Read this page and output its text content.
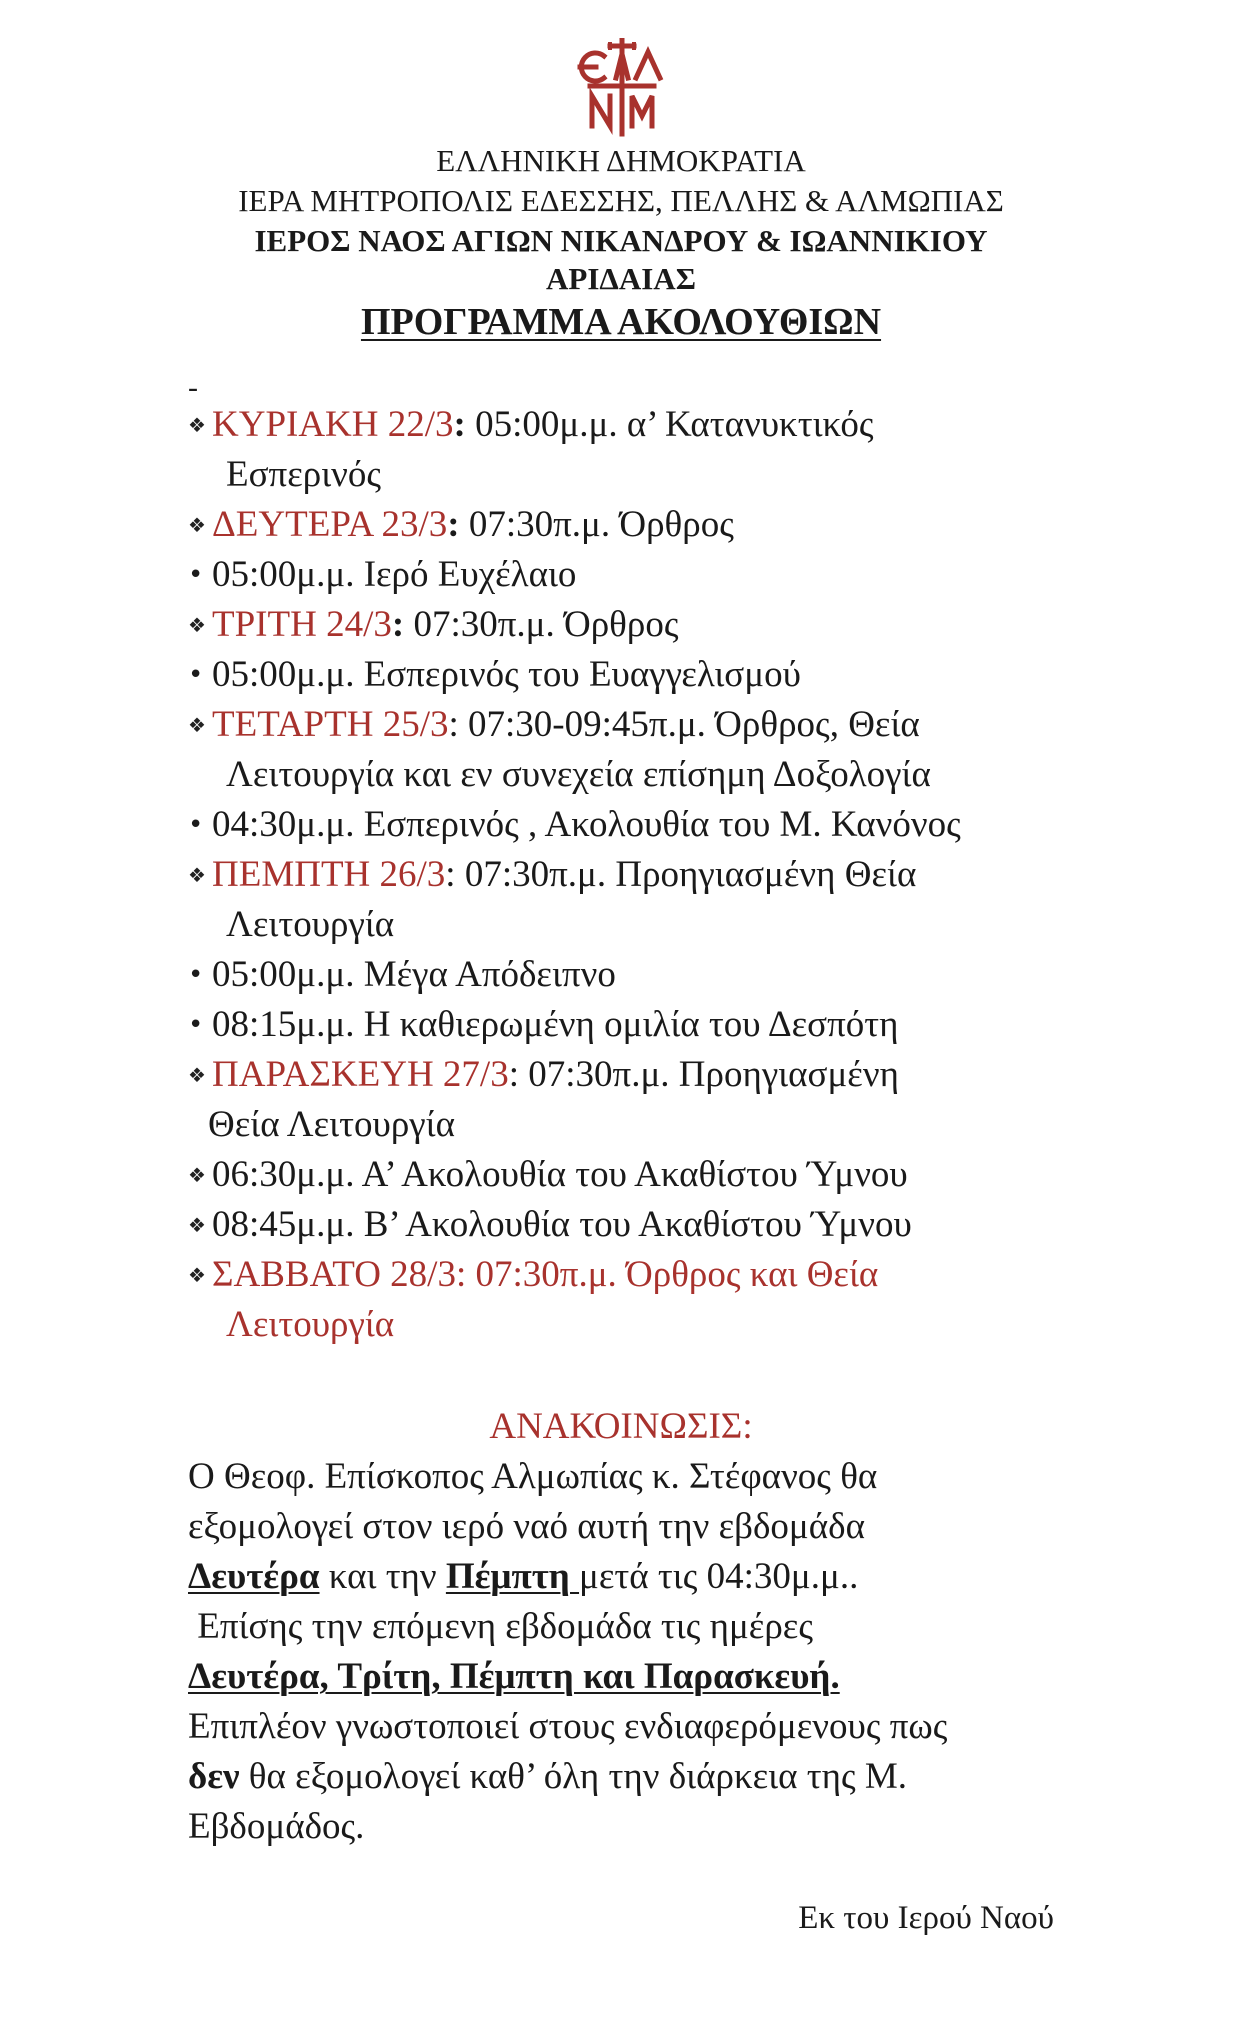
ΕΛΛΗΝΙΚΗ ΔΗΜΟΚΡΑΤΙΑ
ΙΕΡΑ ΜΗΤΡΟΠΟΛΙΣ ΕΔΕΣΣΗΣ, ΠΕΛΛΗΣ & ΑΛΜΩΠΙΑΣ
ΙΕΡΟΣ ΝΑΟΣ ΑΓΙΩΝ ΝΙΚΑΝΔΡΟΥ & ΙΩΑΝΝΙΚΙΟΥ
ΑΡΙΔΑΙΑΣ
ΠΡΟΓΡΑΜΜΑ ΑΚΟΛΟΥΘΙΩΝ
-
❖ ΚΥΡΙΑΚΗ 22/3: 05:00μ.μ. α’ Κατανυκτικός
Εσπερινός
❖ ΔΕΥΤΕΡΑ 23/3: 07:30π.μ. Όρθρος
• 05:00μ.μ. Ιερό Ευχέλαιο
❖ ΤΡΙΤΗ 24/3: 07:30π.μ. Όρθρος
• 05:00μ.μ. Εσπερινός του Ευαγγελισμού
❖ ΤΕΤΑΡΤΗ 25/3: 07:30-09:45π.μ. Όρθρος, Θεία
Λειτουργία και εν συνεχεία επίσημη Δοξολογία
• 04:30μ.μ. Εσπερινός , Ακολουθία του Μ. Κανόνος
❖ ΠΕΜΠΤΗ 26/3: 07:30π.μ. Προηγιασμένη Θεία
Λειτουργία
• 05:00μ.μ. Μέγα Απόδειπνο
• 08:15μ.μ. Η καθιερωμένη ομιλία του Δεσπότη
❖ ΠΑΡΑΣΚΕΥΗ 27/3: 07:30π.μ. Προηγιασμένη
Θεία Λειτουργία
❖ 06:30μ.μ. Α’ Ακολουθία του Ακαθίστου Ύμνου
❖ 08:45μ.μ. Β’ Ακολουθία του Ακαθίστου Ύμνου
❖ ΣΑΒΒΑΤΟ 28/3: 07:30π.μ. Όρθρος και Θεία
Λειτουργία
ΑΝΑΚΟΙΝΩΣΙΣ:
Ο Θεοφ. Επίσκοπος Αλμωπίας κ. Στέφανος θα
εξομολογεί στον ιερό ναό αυτή την εβδομάδα
Δευτέρα και την Πέμπτη μετά τις 04:30μ.μ..
Επίσης την επόμενη εβδομάδα τις ημέρες
Δευτέρα, Τρίτη, Πέμπτη και Παρασκευή.
Επιπλέον γνωστοποιεί στους ενδιαφερόμενους πως
δεν θα εξομολογεί καθ’ όλη την διάρκεια της Μ.
Εβδομάδος.
Εκ του Ιερού Ναού
